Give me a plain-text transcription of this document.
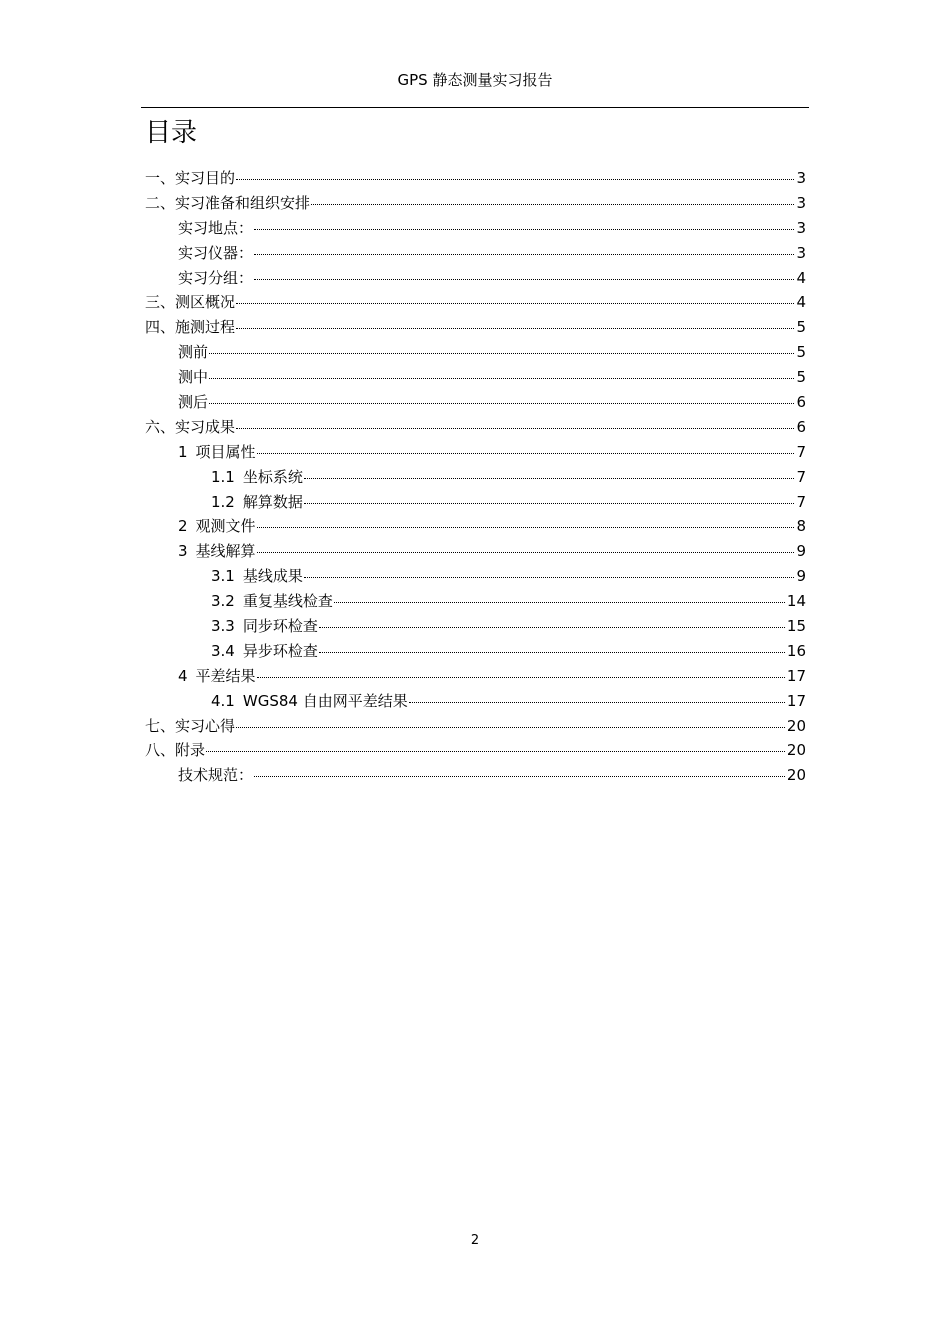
GPS 静态测量实习报告
目录
一、实习目的	3
二、实习准备和组织安排	3
实习地点：	3
实习仪器：	3
实习分组：	4
三、测区概况	4
四、施测过程	5
测前	5
测中	5
测后	6
六、实习成果	6
1 项目属性	7
1.1 坐标系统	7
1.2 解算数据	7
2 观测文件	8
3 基线解算	9
3.1 基线成果	9
3.2 重复基线检查	14
3.3 同步环检查	15
3.4 异步环检查	16
4 平差结果	17
4.1 WGS84 自由网平差结果	17
七、实习心得	20
八、附录	20
技术规范：	20
2
